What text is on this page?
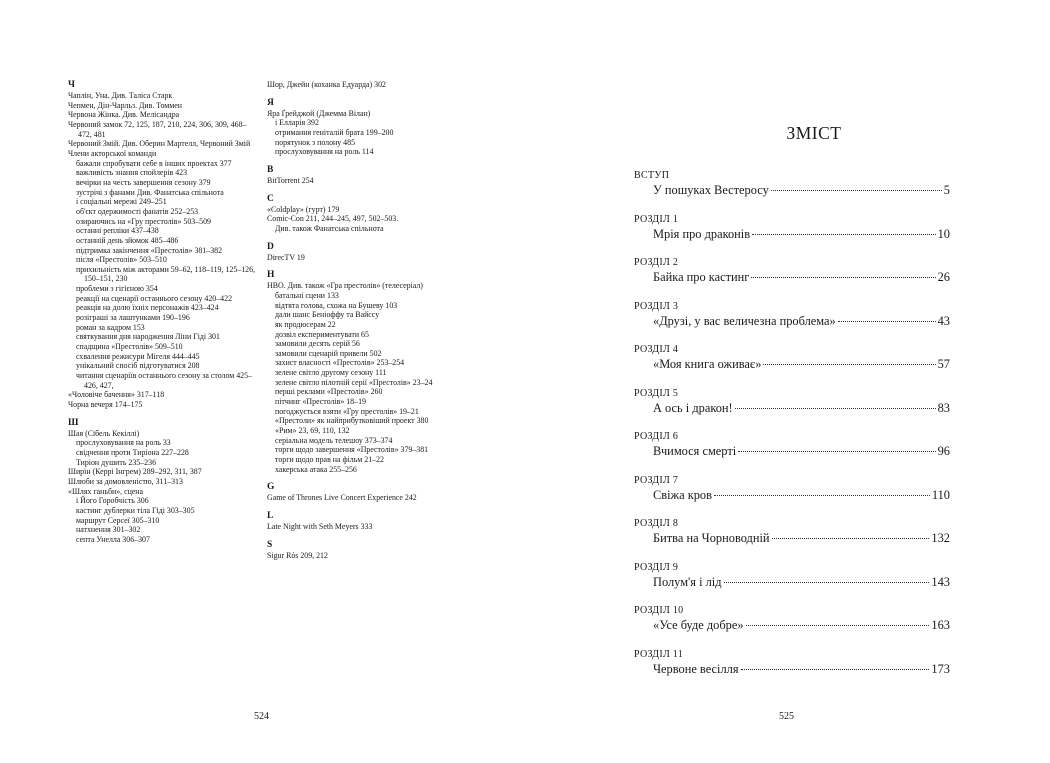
Ч
Чаплін, Уна. Див. Таліса Старк
Чепмен, Дін-Чарльз. Див. Томмен
Червона Жінка. Див. Мелісандра
Червоний замок 72, 125, 187, 210, 224, 306, 309, 468–472, 481
Червоний Змій. Див. Оберин Мартелл, Червоний Змій
Члени акторської команди
бажали спробувати себе в інших проектах 377
важливість знання спойлерів 423
вечірки на честь завершення сезону 379
зустрічі з фанами Див. Фанатська спільнота
і соціальні мережі 249–251
об'єкт одержимості фанатів 252–253
озираючись на «Гру престолів» 503–509
останні репліки 437–438
останній день зйомок 485–486
підтримка закінчення «Престолів» 381–382
після «Престолів» 503–510
прихильність між акторами 59–62, 118–119, 125–126, 150–151, 230
проблеми з гігієною 354
реакції на сценарії останнього сезону 420–422
реакція на долю їхніх персонажів 423–424
розіграші за лаштунками 190–196
роман за кадром 153
святкування дня народження Ліни Гіді 301
спадщина «Престолів» 509–510
схвалення режисури Мігеля 444–445
унікальний спосіб підготуватися 208
читання сценаріїв останнього сезону за столом 425–426, 427,
«Чоловіче бачення» 317–118
Чорна вечеря 174–175
Ш
Шая (Сібель Кекіллі)
прослуховування на роль 33
свідчення проти Тиріона 227–228
Тиріон душить 235–236
Ширін (Керрі Інгрем) 289–292, 311, 387
Шлюби за домовленістю, 311–313
«Шлях ганьби», сцена
і Його Горобчість 306
кастинг дублерки тіла Гіді 303–305
маршрут Серсеї 305–310
натхнення 301–302
септа Унелла 306–307
Шор, Джейн (коханка Едуарда) 302
Я
Яра Ґрейджой (Джемма Вілан)
і Елларія 392
отримання геніталій брата 199–200
порятунок з полону 485
прослуховування на роль 114
B
BitTorrent 254
C
«Coldplay» (гурт) 179
Comic-Con 211, 244–245, 497, 502–503.
Див. також Фанатська спільнота
D
DirecTV 19
H
HBO. Див. також «Гра престолів» (телесеріал)
батальні сцени 133
відтята голова, схожа на Бушеву 103
дали шанс Беніоффу та Вайссу
як продюсерам 22
дозвіл експериментувати 65
замовили десять серій 56
замовили сценарій привели 502
захист власності «Престолів» 253–254
зелене світло другому сезону 111
зелене світло пілотній серії «Престолів» 23–24
перші реклами «Престолів» 260
пітчинг «Престолів» 18–19
погоджується взяти «Гру престолів» 19–21
«Престоли» як найприбутковіший проект 380
«Рим» 23, 69, 110, 132
серіальна модель телешоу 373–374
торги щодо завершення «Престолів» 379–381
торги щодо прав на фільм 21–22
хакерська атака 255–256
G
Game of Thrones Live Concert Experience 242
L
Late Night with Seth Meyers 333
S
Sigur Rós 209, 212
524
ЗМІСТ
ВСТУП
У пошуках Вестеросу	5
РОЗДІЛ 1
Мрія про драконів	10
РОЗДІЛ 2
Байка про кастинг	26
РОЗДІЛ 3
«Друзі, у вас величезна проблема»	43
РОЗДІЛ 4
«Моя книга оживає»	57
РОЗДІЛ 5
А ось і дракон!	83
РОЗДІЛ 6
Вчимося смерті	96
РОЗДІЛ 7
Свіжа кров	110
РОЗДІЛ 8
Битва на Чорноводній	132
РОЗДІЛ 9
Полум'я і лід	143
РОЗДІЛ 10
«Усе буде добре»	163
РОЗДІЛ 11
Червоне весілля	173
525
